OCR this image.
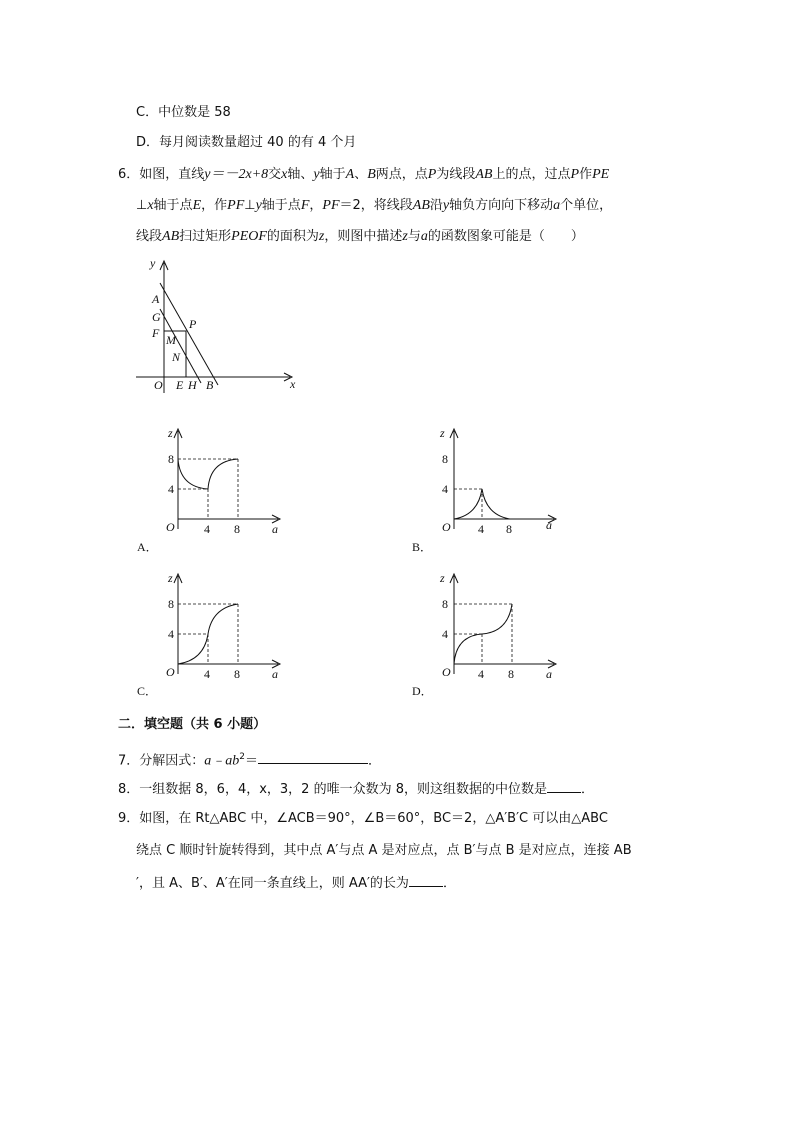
C．中位数是 58
D．每月阅读数量超过 40 的有 4 个月
6．如图，直线y＝－2x+8交x轴、y轴于A、B两点，点P为线段AB上的点，过点P作PE
⊥x轴于点E，作PF⊥y轴于点F，PF＝2，将线段AB沿y轴负方向向下移动a个单位，
线段AB扫过矩形PEOF的面积为z，则图中描述z与a的函数图象可能是（　　）
y
x
A
G
F
P
M
N
O E H B
z
8
4
O 4 8	a
A．
z
8
4
O 4 8	a
B．
z
8
4
O 4 8	a
C．
z
8
4
O 4 8	a
D．
二．填空题（共 6 小题）
7．分解因式：$a﹣ab^2=$	．
8．一组数据 8，6，4，x，3，2 的唯一众数为 8，则这组数据的中位数是	．
9．如图，在 Rt△ABC 中，∠ACB＝90°，∠B＝60°，BC＝2，△A′B′C 可以由△ABC
绕点 C 顺时针旋转得到，其中点 A′与点 A 是对应点，点 B′与点 B 是对应点，连接 AB
′，且 A、B′、A′在同一条直线上，则 AA′的长为	．
